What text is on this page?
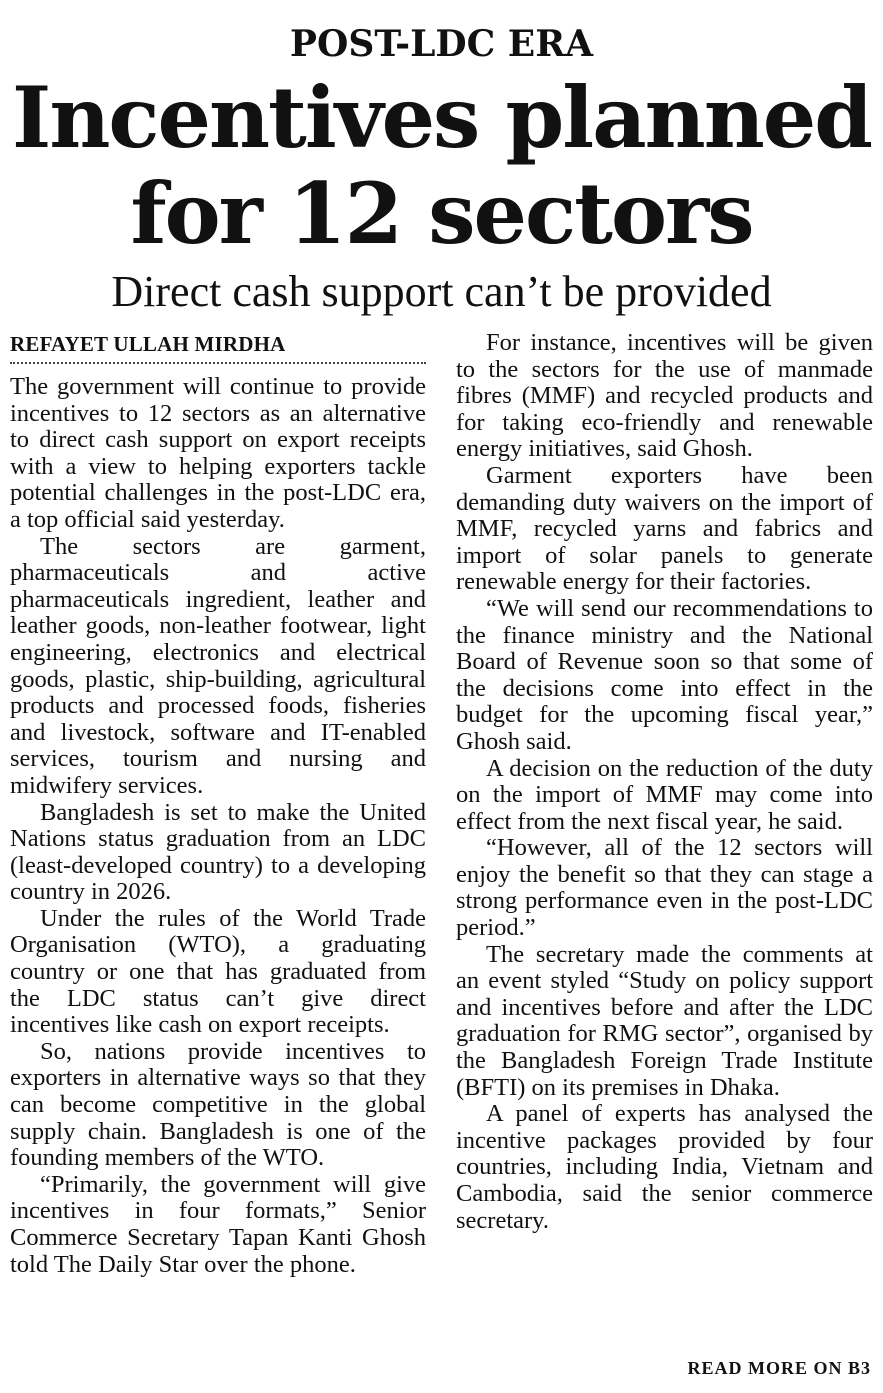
POST-LDC ERA
Incentives planned
for 12 sectors
Direct cash support can’t be provided
REFAYET ULLAH MIRDHA

The government will continue to provide incentives to 12 sectors as an alternative to direct cash support on export receipts with a view to helping exporters tackle potential challenges in the post-LDC era, a top official said yesterday.

The sectors are garment, pharmaceuticals and active pharmaceuticals ingredient, leather and leather goods, non-leather footwear, light engineering, electronics and electrical goods, plastic, ship-building, agricultural products and processed foods, fisheries and livestock, software and IT-enabled services, tourism and nursing and midwifery services.

Bangladesh is set to make the United Nations status graduation from an LDC (least-developed country) to a developing country in 2026.

Under the rules of the World Trade Organisation (WTO), a graduating country or one that has graduated from the LDC status can’t give direct incentives like cash on export receipts.

So, nations provide incentives to exporters in alternative ways so that they can become competitive in the global supply chain. Bangladesh is one of the founding members of the WTO.

“Primarily, the government will give incentives in four formats,” Senior Commerce Secretary Tapan Kanti Ghosh told The Daily Star over the phone.

For instance, incentives will be given to the sectors for the use of manmade fibres (MMF) and recycled products and for taking eco-friendly and renewable energy initiatives, said Ghosh.

Garment exporters have been demanding duty waivers on the import of MMF, recycled yarns and fabrics and import of solar panels to generate renewable energy for their factories.

“We will send our recommendations to the finance ministry and the National Board of Revenue soon so that some of the decisions come into effect in the budget for the upcoming fiscal year,” Ghosh said.

A decision on the reduction of the duty on the import of MMF may come into effect from the next fiscal year, he said.

“However, all of the 12 sectors will enjoy the benefit so that they can stage a strong performance even in the post-LDC period.”

The secretary made the comments at an event styled “Study on policy support and incentives before and after the LDC graduation for RMG sector”, organised by the Bangladesh Foreign Trade Institute (BFTI) on its premises in Dhaka.

A panel of experts has analysed the incentive packages provided by four countries, including India, Vietnam and Cambodia, said the senior commerce secretary.

READ MORE ON B3
